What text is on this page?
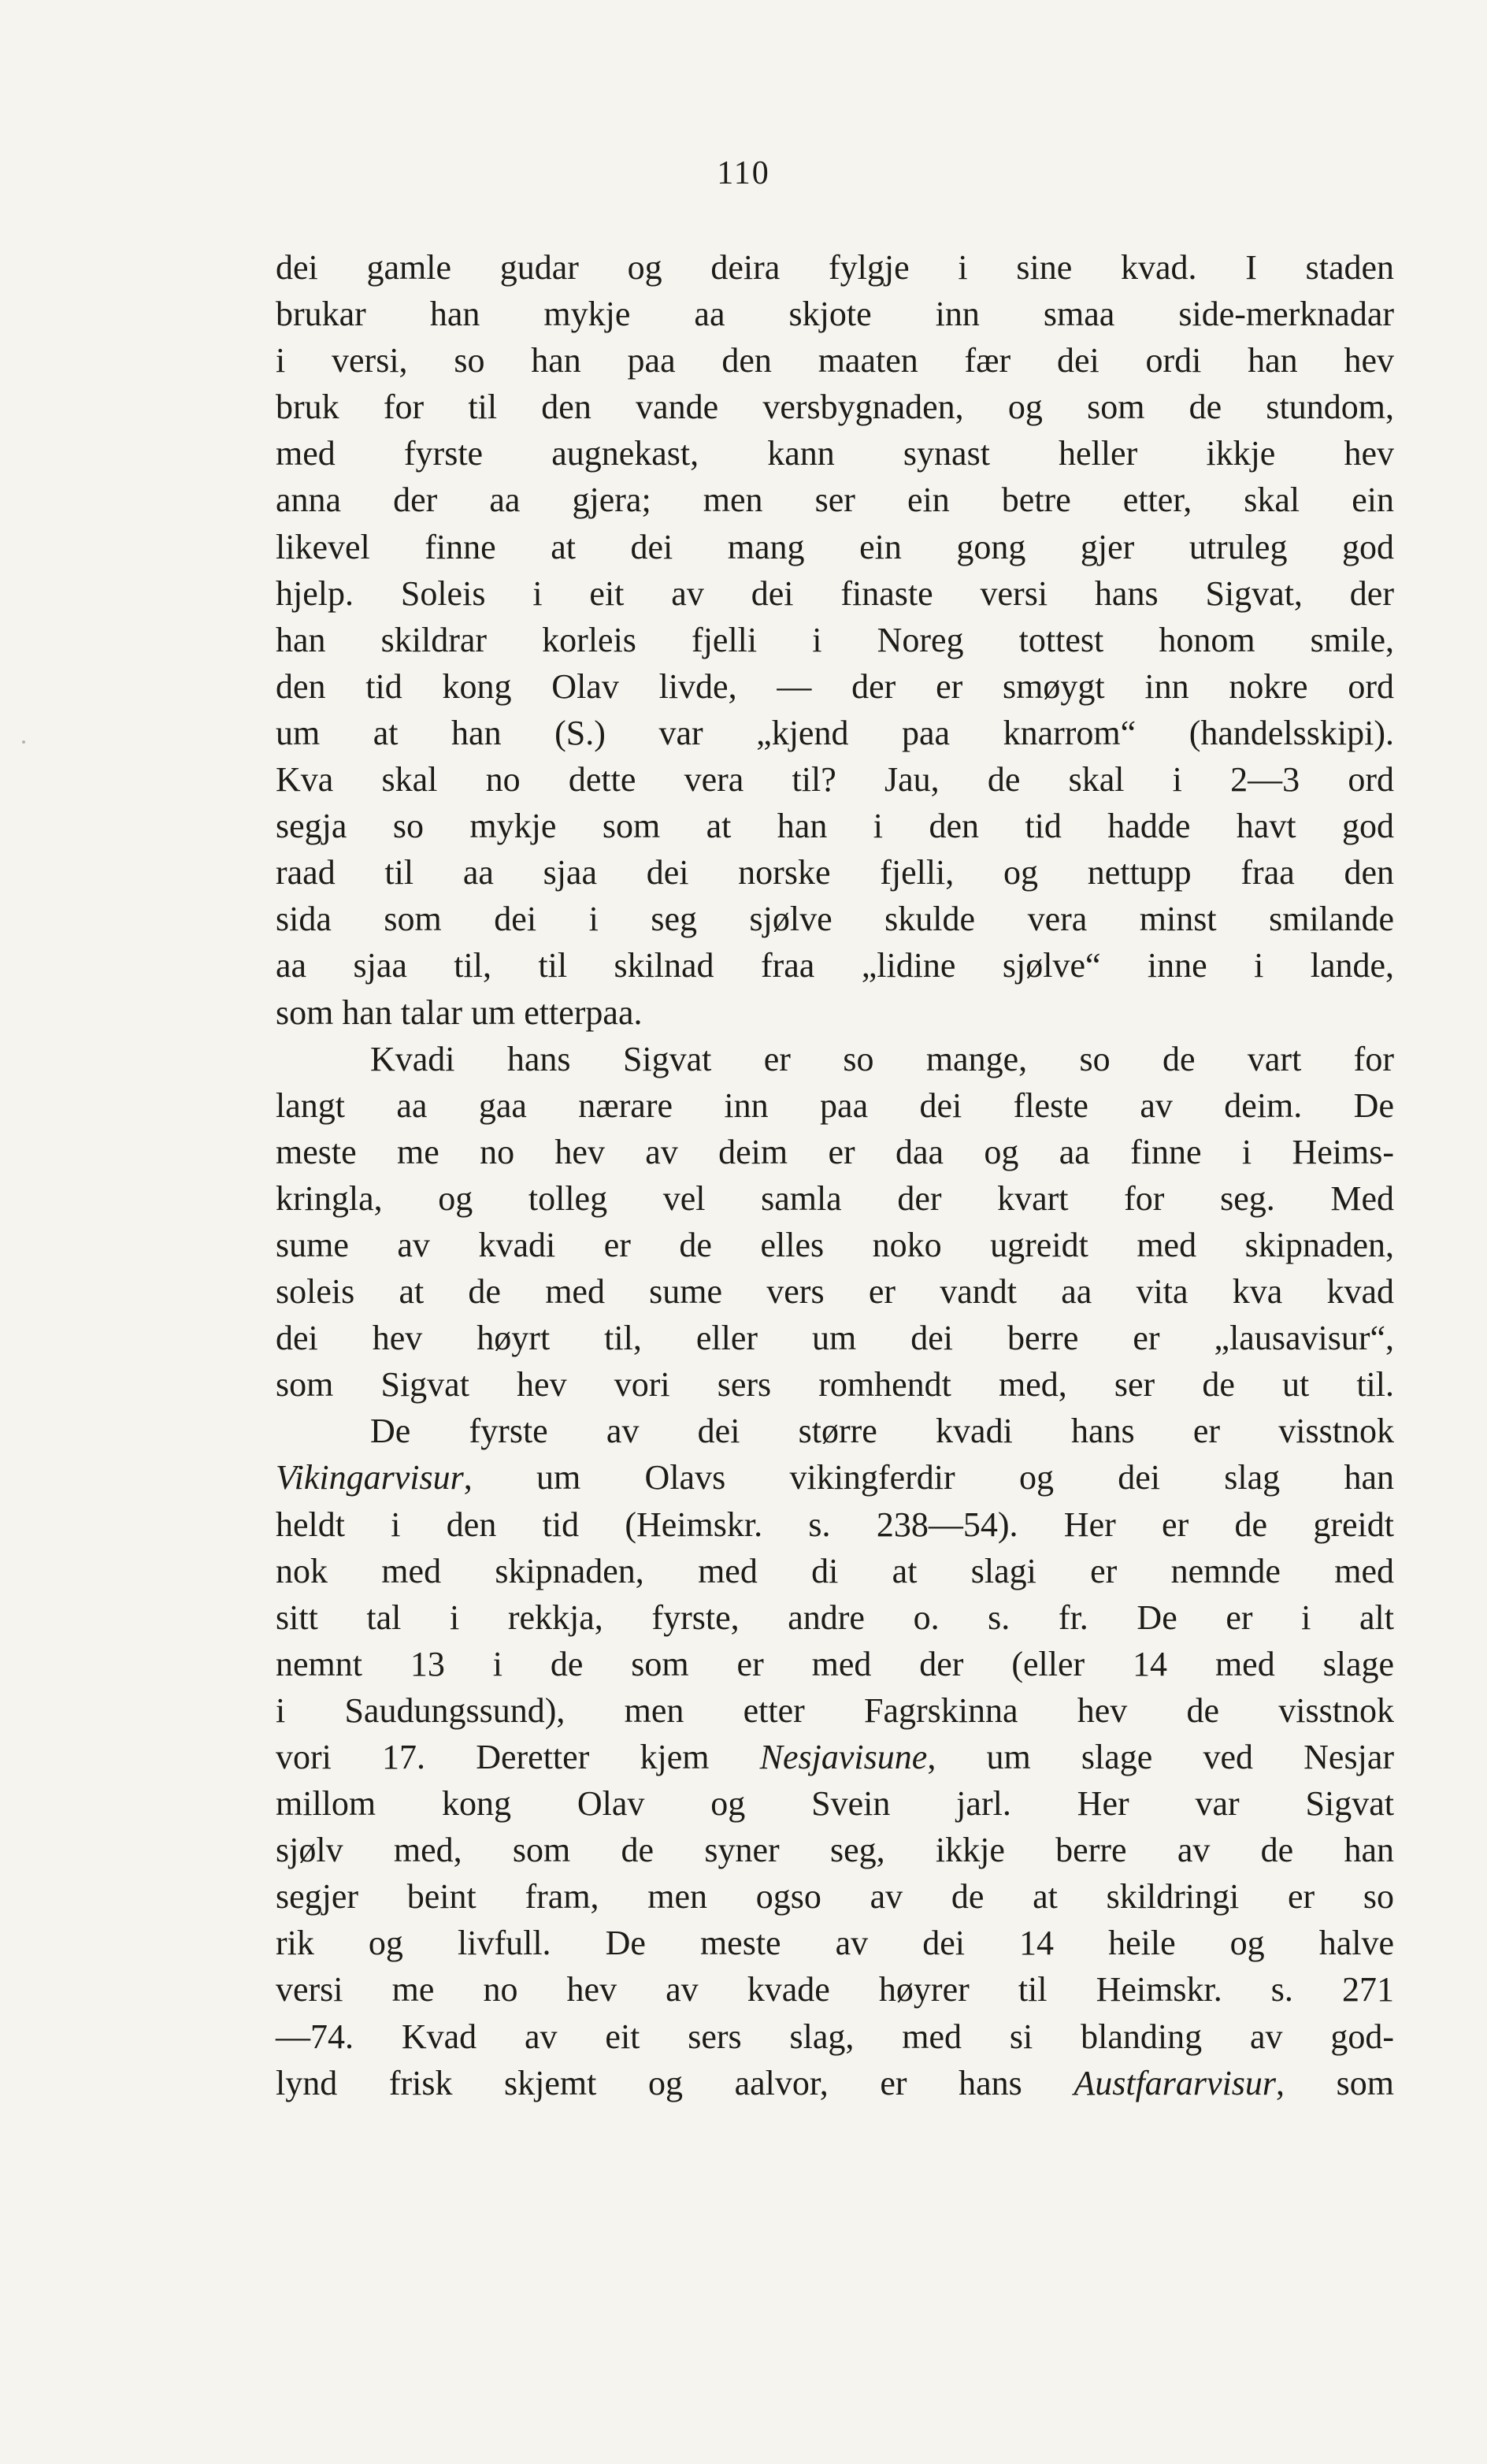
110
dei gamle gudar og deira fylgje i sine kvad. I staden
brukar han mykje aa skjote inn smaa side-merknadar
i versi, so han paa den maaten fær dei ordi han hev
bruk for til den vande versbygnaden, og som de stundom,
med fyrste augnekast, kann synast heller ikkje hev
anna der aa gjera; men ser ein betre etter, skal ein
likevel finne at dei mang ein gong gjer utruleg god
hjelp. Soleis i eit av dei finaste versi hans Sigvat, der
han skildrar korleis fjelli i Noreg tottest honom smile,
den tid kong Olav livde, — der er smøygt inn nokre ord
um at han (S.) var „kjend paa knarrom“ (handelsskipi).
Kva skal no dette vera til? Jau, de skal i 2—3 ord
segja so mykje som at han i den tid hadde havt god
raad til aa sjaa dei norske fjelli, og nettupp fraa den
sida som dei i seg sjølve skulde vera minst smilande
aa sjaa til, til skilnad fraa „lidine sjølve“ inne i lande,
som han talar um etterpaa.
Kvadi hans Sigvat er so mange, so de vart for
langt aa gaa nærare inn paa dei fleste av deim. De
meste me no hev av deim er daa og aa finne i Heims-
kringla, og tolleg vel samla der kvart for seg. Med
sume av kvadi er de elles noko ugreidt med skipnaden,
soleis at de med sume vers er vandt aa vita kva kvad
dei hev høyrt til, eller um dei berre er „lausavisur“,
som Sigvat hev vori sers romhendt med, ser de ut til.
De fyrste av dei større kvadi hans er visstnok
Vikingarvisur, um Olavs vikingferdir og dei slag han
heldt i den tid (Heimskr. s. 238—54). Her er de greidt
nok med skipnaden, med di at slagi er nemnde med
sitt tal i rekkja, fyrste, andre o. s. fr. De er i alt
nemnt 13 i de som er med der (eller 14 med slage
i Saudungssund), men etter Fagrskinna hev de visstnok
vori 17. Deretter kjem Nesjavisune, um slage ved Nesjar
millom kong Olav og Svein jarl. Her var Sigvat
sjølv med, som de syner seg, ikkje berre av de han
segjer beint fram, men ogso av de at skildringi er so
rik og livfull. De meste av dei 14 heile og halve
versi me no hev av kvade høyrer til Heimskr. s. 271
—74. Kvad av eit sers slag, med si blanding av god-
lynd frisk skjemt og aalvor, er hans Austfararvisur, som
